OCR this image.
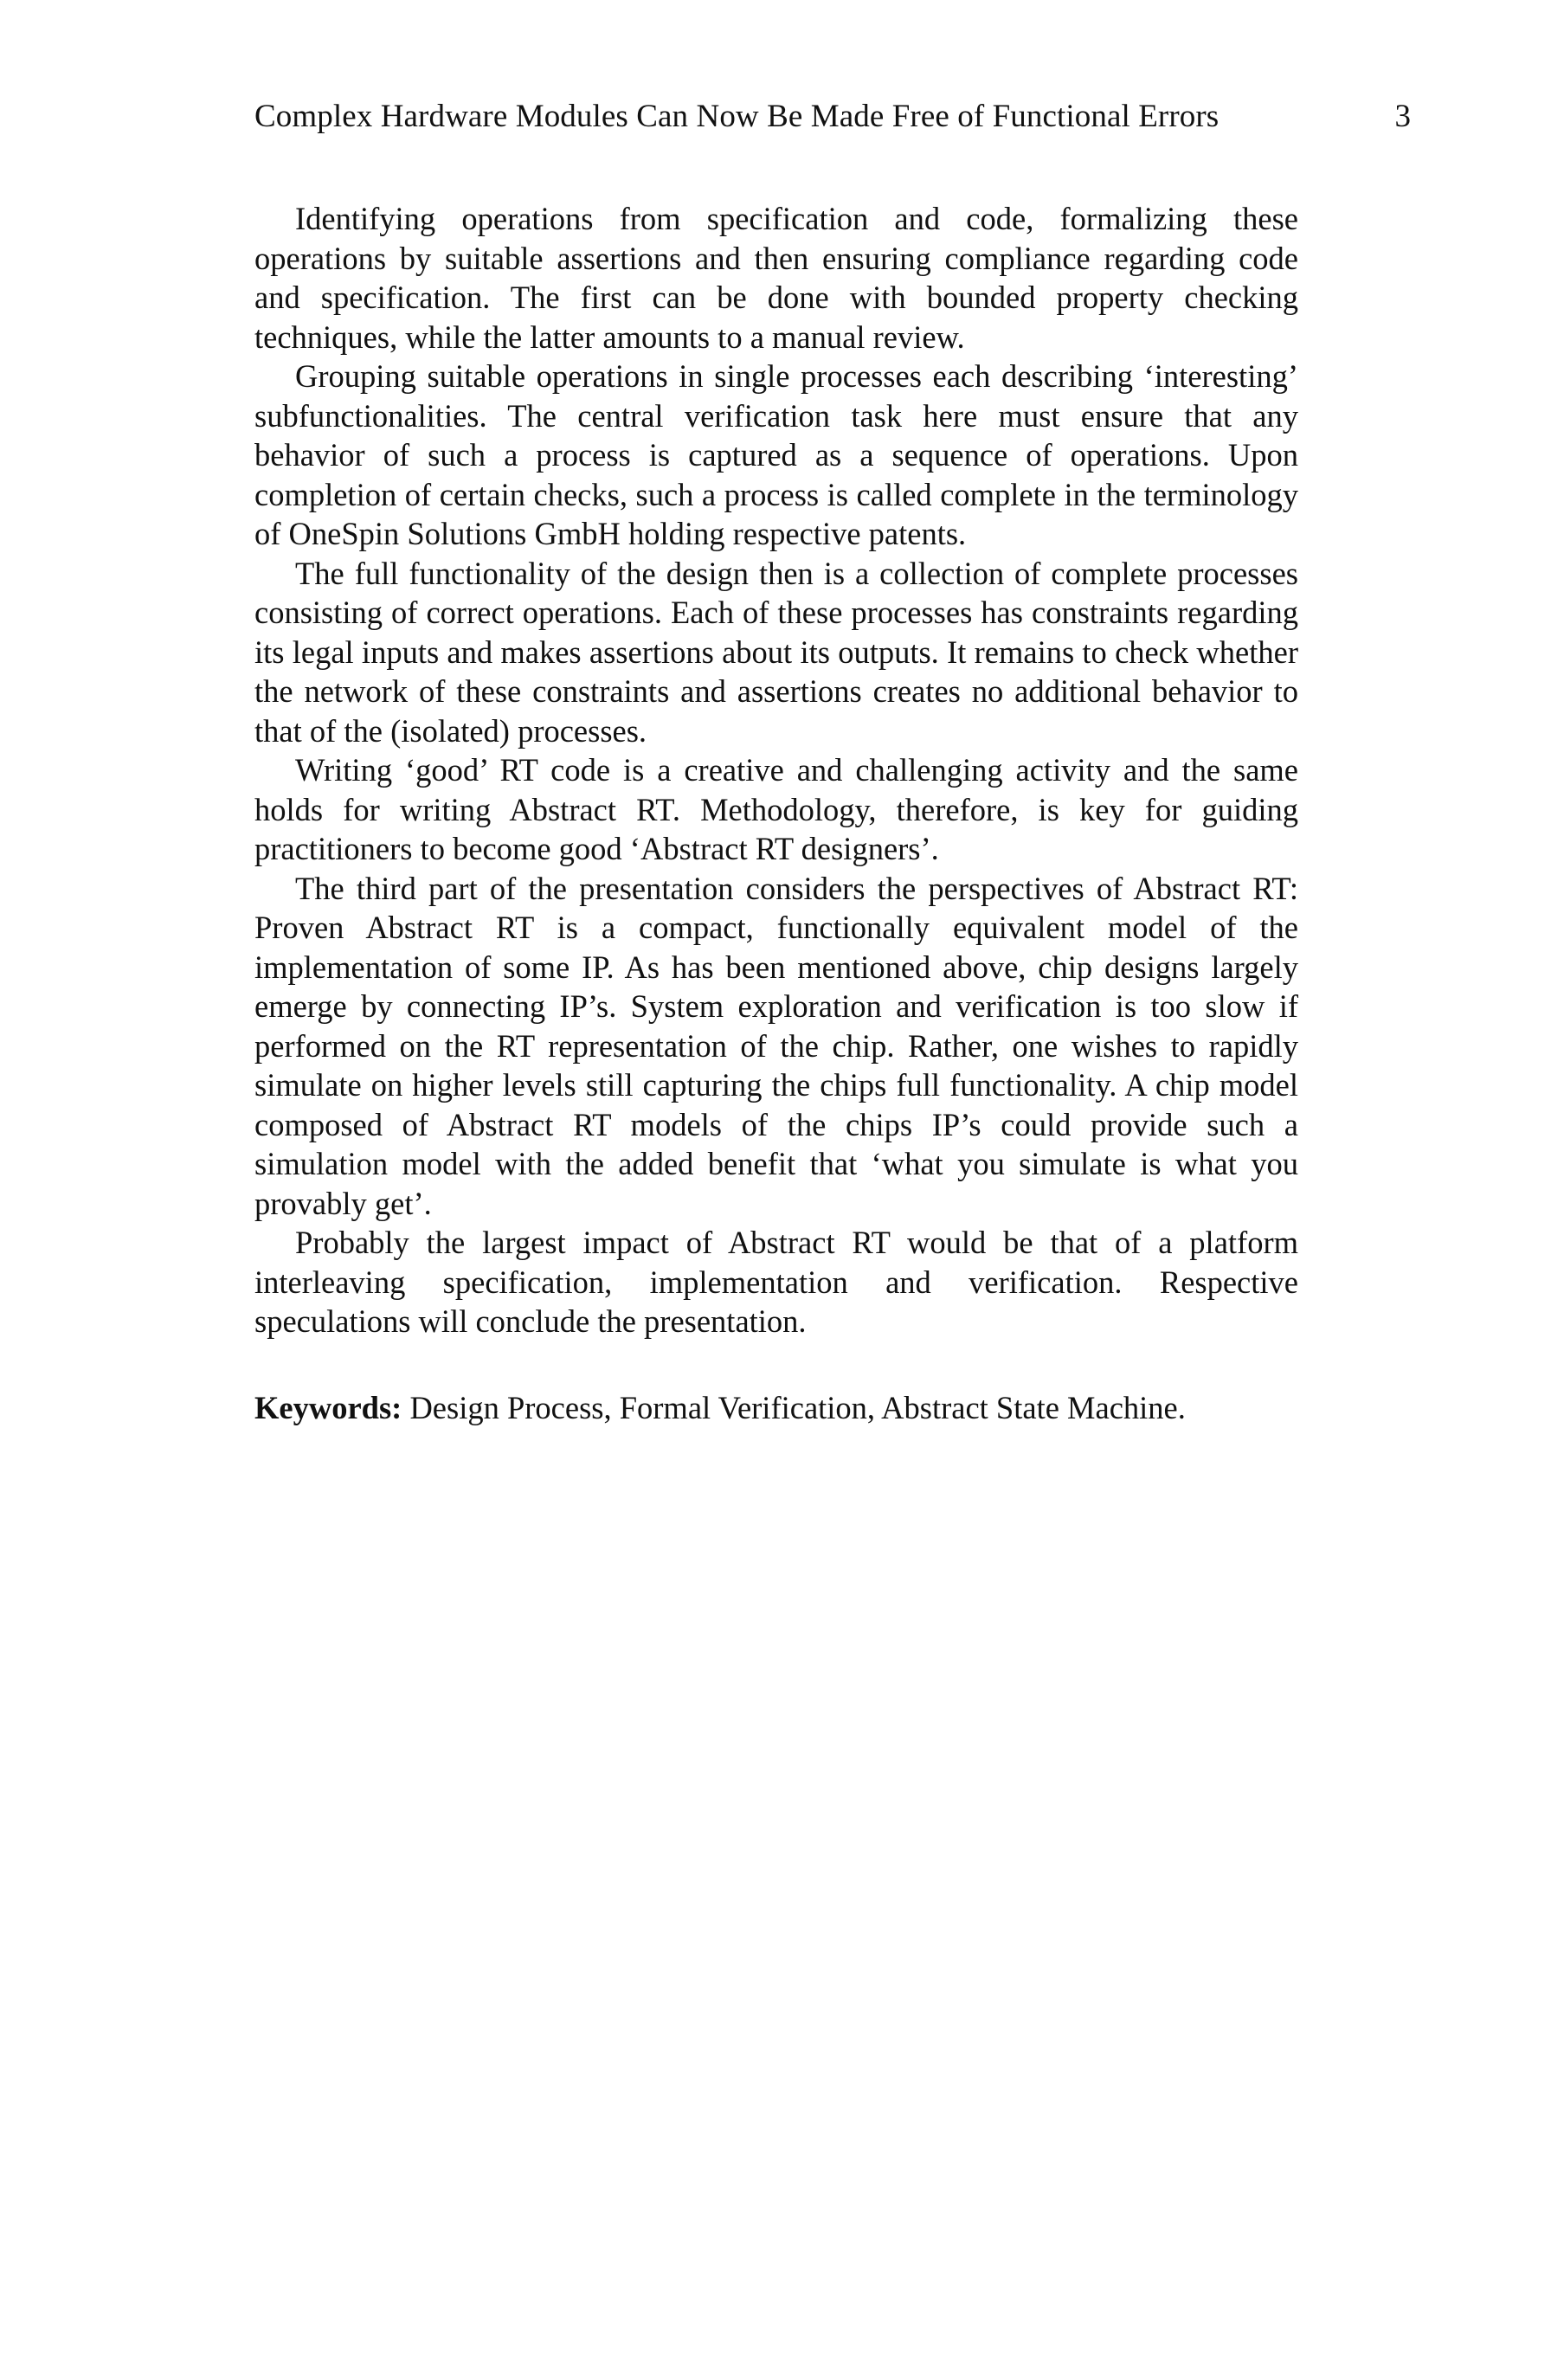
Complex Hardware Modules Can Now Be Made Free of Functional Errors	3

Identifying operations from specification and code, formalizing these operations by suitable assertions and then ensuring compliance regarding code and specification. The first can be done with bounded property checking techniques, while the latter amounts to a manual review.

Grouping suitable operations in single processes each describing ‘interesting’ subfunctionalities. The central verification task here must ensure that any behavior of such a process is captured as a sequence of operations. Upon completion of certain checks, such a process is called complete in the terminology of OneSpin Solutions GmbH holding respective patents.

The full functionality of the design then is a collection of complete processes consisting of correct operations. Each of these processes has constraints regarding its legal inputs and makes assertions about its outputs. It remains to check whether the network of these constraints and assertions creates no additional behavior to that of the (isolated) processes.

Writing ‘good’ RT code is a creative and challenging activity and the same holds for writing Abstract RT. Methodology, therefore, is key for guiding practitioners to become good ‘Abstract RT designers’.

The third part of the presentation considers the perspectives of Abstract RT: Proven Abstract RT is a compact, functionally equivalent model of the implementation of some IP. As has been mentioned above, chip designs largely emerge by connecting IP’s. System exploration and verification is too slow if performed on the RT representation of the chip. Rather, one wishes to rapidly simulate on higher levels still capturing the chips full functionality. A chip model composed of Abstract RT models of the chips IP’s could provide such a simulation model with the added benefit that ‘what you simulate is what you provably get’.

Probably the largest impact of Abstract RT would be that of a platform interleaving specification, implementation and verification. Respective speculations will conclude the presentation.

Keywords: Design Process, Formal Verification, Abstract State Machine.
